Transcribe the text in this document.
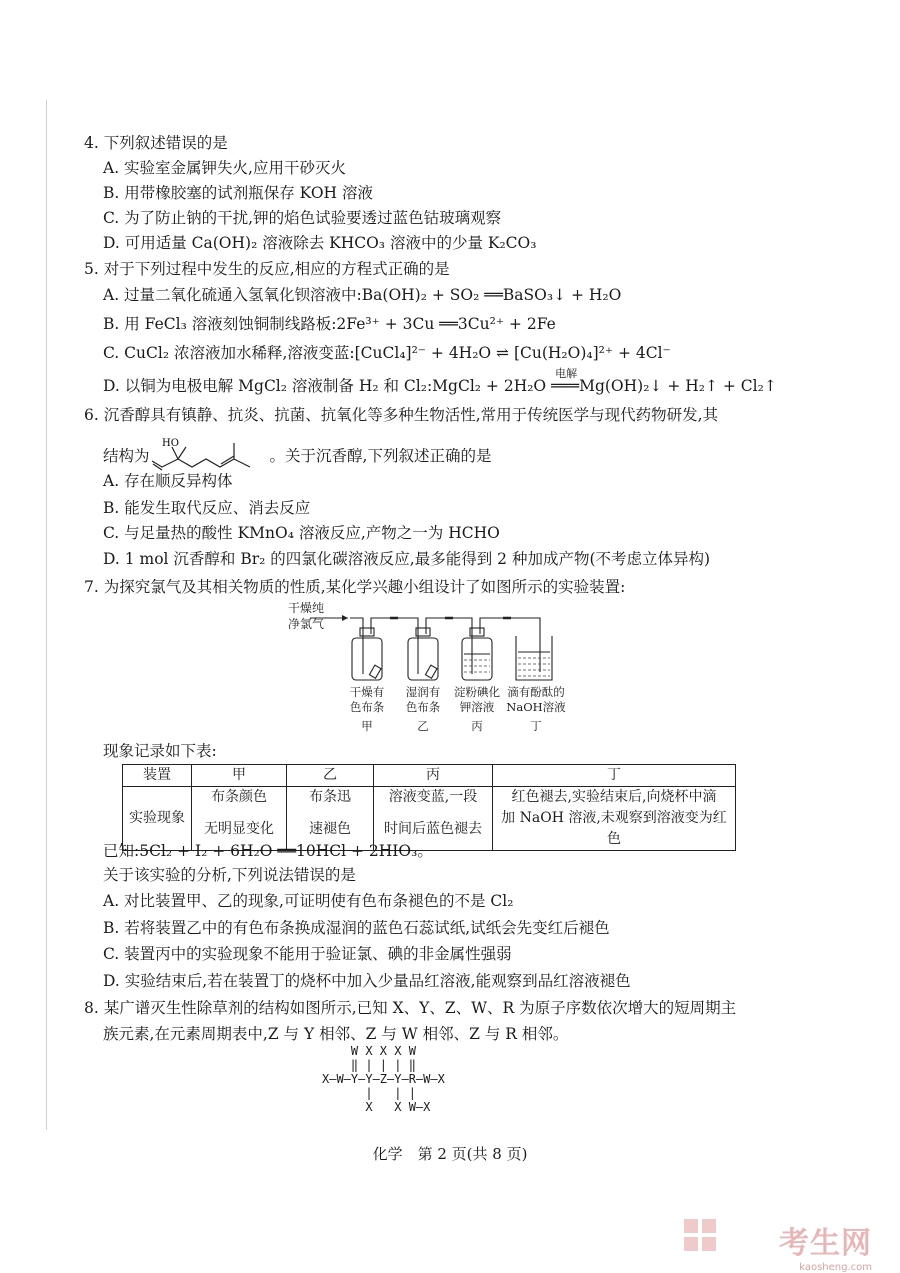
4. 下列叙述错误的是
A. 实验室金属钾失火,应用干砂灭火
B. 用带橡胶塞的试剂瓶保存 KOH 溶液
C. 为了防止钠的干扰,钾的焰色试验要透过蓝色钴玻璃观察
D. 可用适量 Ca(OH)₂ 溶液除去 KHCO₃ 溶液中的少量 K₂CO₃
5. 对于下列过程中发生的反应,相应的方程式正确的是
A. 过量二氧化硫通入氢氧化钡溶液中:Ba(OH)₂ + SO₂ ══BaSO₃↓ + H₂O
B. 用 FeCl₃ 溶液刻蚀铜制线路板:2Fe³⁺ + 3Cu ══3Cu²⁺ + 2Fe
C. CuCl₂ 浓溶液加水稀释,溶液变蓝:[CuCl₄]²⁻ + 4H₂O ⇌ [Cu(H₂O)₄]²⁺ + 4Cl⁻
D. 以铜为电极电解 MgCl₂ 溶液制备 H₂ 和 Cl₂:MgCl₂ + 2H₂O
电解
═══Mg(OH)₂↓ + H₂↑ + Cl₂↑
6. 沉香醇具有镇静、抗炎、抗菌、抗氧化等多种生物活性,常用于传统医学与现代药物研发,其
结构为
HO
。关于沉香醇,下列叙述正确的是
A. 存在顺反异构体
B. 能发生取代反应、消去反应
C. 与足量热的酸性 KMnO₄ 溶液反应,产物之一为 HCHO
D. 1 mol 沉香醇和 Br₂ 的四氯化碳溶液反应,最多能得到 2 种加成产物(不考虑立体异构)
7. 为探究氯气及其相关物质的性质,某化学兴趣小组设计了如图所示的实验装置:
干燥纯
净氯气
干燥有
色布条
甲
湿润有
色布条
乙
淀粉碘化
钾溶液
丙
滴有酚酞的
NaOH溶液
丁
现象记录如下表:
装置	甲	乙	丙	丁
实验现象	布条颜色	布条迅	溶液变蓝,一段	红色褪去,实验结束后,向烧杯中滴
	无明显变化	速褪色	时间后蓝色褪去	加 NaOH 溶液,未观察到溶液变为红色
已知:5Cl₂ + I₂ + 6H₂O ══10HCl + 2HIO₃。
关于该实验的分析,下列说法错误的是
A. 对比装置甲、乙的现象,可证明使有色布条褪色的不是 Cl₂
B. 若将装置乙中的有色布条换成湿润的蓝色石蕊试纸,试纸会先变红后褪色
C. 装置丙中的实验现象不能用于验证氯、碘的非金属性强弱
D. 实验结束后,若在装置丁的烧杯中加入少量品红溶液,能观察到品红溶液褪色
8. 某广谱灭生性除草剂的结构如图所示,已知 X、Y、Z、W、R 为原子序数依次增大的短周期主
族元素,在元素周期表中,Z 与 Y 相邻、Z 与 W 相邻、Z 与 R 相邻。
W X X X W
‖ | | | ‖
X—W—Y—Y—Z—Y—R—W—X
|   | |
X   X W—X
化学　第 2 页(共 8 页)
考生网
kaosheng.com
